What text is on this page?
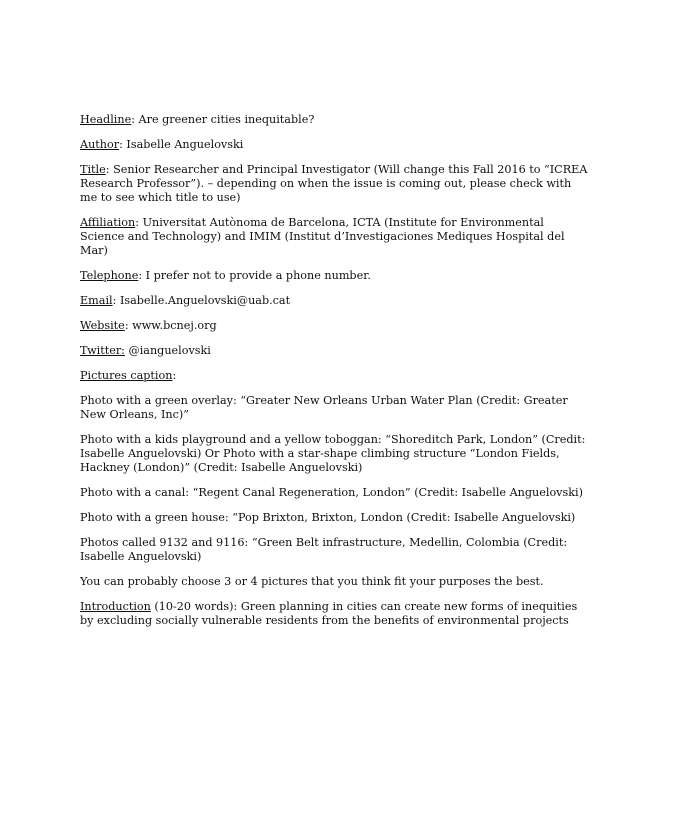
Headline: Are greener cities inequitable?

Author: Isabelle Anguelovski

Title: Senior Researcher and Principal Investigator (Will change this Fall 2016 to “ICREA Research Professor”). – depending on when the issue is coming out, please check with me to see which title to use)

Affiliation: Universitat Autònoma de Barcelona, ICTA (Institute for Environmental Science and Technology) and IMIM (Institut d’Investigaciones Mediques Hospital del Mar)

Telephone: I prefer not to provide a phone number.

Email: Isabelle.Anguelovski@uab.cat

Website: www.bcnej.org

Twitter: @ianguelovski

Pictures caption:

Photo with a green overlay: “Greater New Orleans Urban Water Plan (Credit: Greater New Orleans, Inc)”

Photo with a kids playground and a yellow toboggan: “Shoreditch Park, London” (Credit: Isabelle Anguelovski) Or Photo with a star-shape climbing structure “London Fields, Hackney (London)” (Credit: Isabelle Anguelovski)

Photo with a canal: “Regent Canal Regeneration, London” (Credit: Isabelle Anguelovski)

Photo with a green house: “Pop Brixton, Brixton, London (Credit: Isabelle Anguelovski)

Photos called 9132 and 9116: “Green Belt infrastructure, Medellin, Colombia (Credit: Isabelle Anguelovski)

You can probably choose 3 or 4 pictures that you think fit your purposes the best.

Introduction (10-20 words): Green planning in cities can create new forms of inequities by excluding socially vulnerable residents from the benefits of environmental projects
